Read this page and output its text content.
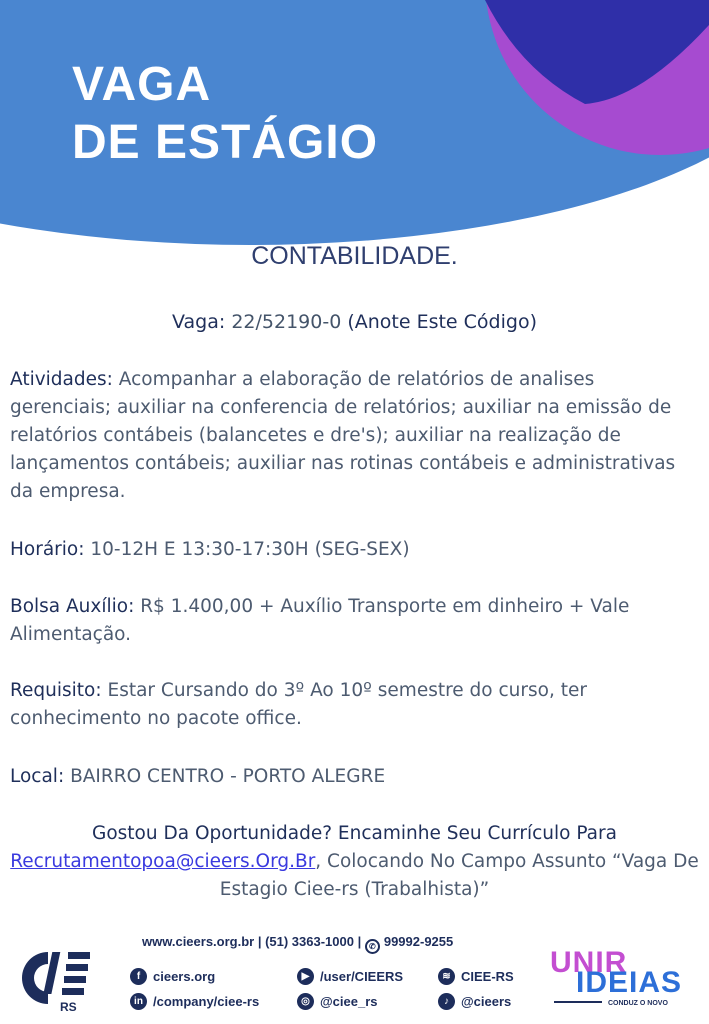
VAGA
DE ESTÁGIO
CONTABILIDADE.
Vaga: 22/52190-0 (Anote Este Código)
Atividades: Acompanhar a elaboração de relatórios de analises gerenciais; auxiliar na conferencia de relatórios; auxiliar na emissão de relatórios contábeis (balancetes e dre's); auxiliar na realização de lançamentos contábeis; auxiliar nas rotinas contábeis e administrativas da empresa.
Horário: 10-12H E 13:30-17:30H (SEG-SEX)
Bolsa Auxílio: R$ 1.400,00 + Auxílio Transporte em dinheiro + Vale Alimentação.
Requisito: Estar Cursando do 3º Ao 10º semestre do curso, ter conhecimento no pacote office.
Local: BAIRRO CENTRO - PORTO ALEGRE
Gostou Da Oportunidade? Encaminhe Seu Currículo Para
Recrutamentopoa@cieers.Org.Br, Colocando No Campo Assunto “Vaga De Estagio Ciee-rs (Trabalhista)”
RS
www.cieers.org.br | (51) 3363-1000 | ✆ 99992-9255
f cieers.org
in /company/ciee-rs
▶ /user/CIEERS
◎ @ciee_rs
≋ CIEE-RS
♪ @cieers
UNIR
IDEIAS
CONDUZ O NOVO
